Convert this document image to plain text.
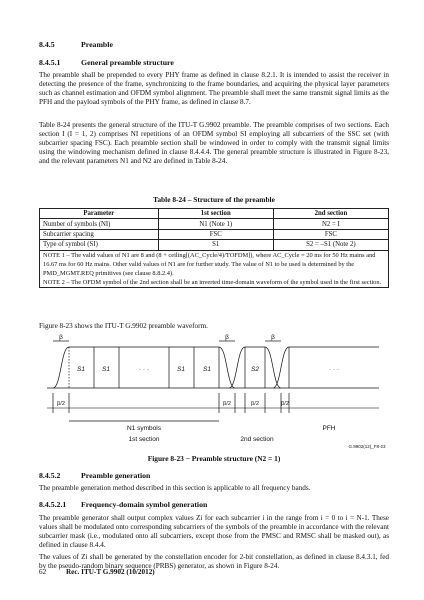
8.4.5	Preamble
8.4.5.1	General preamble structure

The preamble shall be prepended to every PHY frame as defined in clause 8.2.1. It is intended to assist the receiver in detecting the presence of the frame, synchronizing to the frame boundaries, and acquiring the physical layer parameters such as channel estimation and OFDM symbol alignment. The preamble shall meet the same transmit signal limits as the PFH and the payload symbols of the PHY frame, as defined in clause 8.7.

Table 8-24 presents the general structure of the ITU-T G.9902 preamble. The preamble comprises of two sections. Each section I (I = 1, 2) comprises NI repetitions of an OFDM symbol SI employing all subcarriers of the SSC set (with subcarrier spacing FSC). Each preamble section shall be windowed in order to comply with the transmit signal limits using the windowing mechanism defined in clause 8.4.4.4. The general preamble structure is illustrated in Figure 8-23, and the relevant parameters N1 and N2 are defined in Table 8-24.

Table 8-24 – Structure of the preamble
Parameter	1st section	2nd section
Number of symbols (NI)	N1 (Note 1)	N2 = I
Subcarrier spacing	FSC	FSC
Type of symbol (SI)	S1	S2 = –S1 (Note 2)

NOTE 1 – The valid values of N1 are 8 and (8 + ceiling[(AC_Cycle/4)/TOFDM]), where AC_Cycle = 20 ms for 50 Hz mains and 16.67 ms for 60 Hz mains. Other valid values of N1 are for further study. The value of N1 to be used is determined by the PMD_MGMT.REQ primitives (see clause 8.8.2.4).
NOTE 2 – The OFDM symbol of the 2nd section shall be an inverted time-domain waveform of the symbol used in the first section.		

Figure 8-23 shows the ITU-T G.9902 preamble waveform.

β	β	β
S1	S1	· · ·	S1	S1	S2	· · ·
β/2	β/2	β/2	β/2
N1 symbols
1st section	2nd section
PFH
G.9902(12)_F8-23
Figure 8-23 − Preamble structure (N2 = 1)
8.4.5.2	Preamble generation

The preamble generation method described in this section is applicable to all frequency bands.

8.4.5.2.1 Frequency-domain symbol generation

The preamble generator shall output complex values Zi for each subcarrier i in the range from i = 0 to i = N-1. These values shall be modulated onto corresponding subcarriers of the symbols of the preamble in accordance with the relevant subcarrier mask (i.e., modulated onto all subcarriers, except those from the PMSC and RMSC shall be masked out), as defined in clause 8.4.4.

The values of Zi shall be generated by the constellation encoder for 2-bit constellation, as defined in clause 8.4.3.1, fed by the pseudo-random binary sequence (PRBS) generator, as shown in Figure 8-24.

62	Rec. ITU-T G.9902 (10/2012)
